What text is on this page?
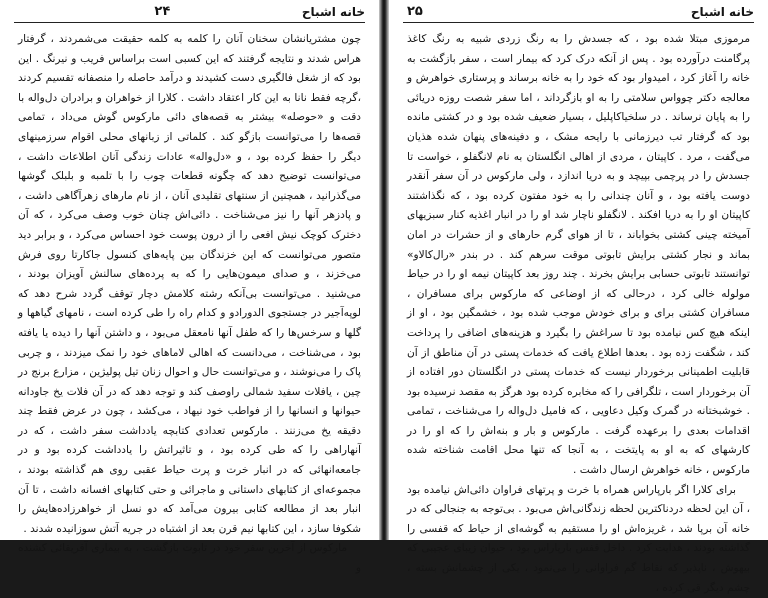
۲۴	خانه اشباح

چون مشتریانشان سخنان آنان را کلمه به کلمه حقیقت می‌شمردند ، گرفتار هراس شدند و نتایجه گرفتند که این کسبی است براساس فریب و نیرنگ . این بود که از شغل فالگیری دست کشیدند و درآمد حاصله را منصفانه تقسیم کردند ،گرچه فقط نانا به این کار اعتقاد داشت . کلارا از خواهران و برادران دل‌واله با دقت و «حوصله» بیشتر به قصه‌های دائی مارکوس گوش می‌داد ، تمامی قصه‌ها را می‌توانست بازگو کند . کلماتی از زبانهای محلی اقوام سرزمینهای دیگر را حفظ کرده بود ، و «دل‌واله» عادات زندگی آنان اطلاعات داشت ، می‌توانست توضیح دهد که چگونه قطعات چوب را با تلمبه و بلبلک گوشها می‌گذرانید ، همچنین از سنتهای تقلیدی آنان ، از نام مارهای زهرآگاهی داشت ، و پادزهر آنها را نیز می‌شناخت . دائی‌اش چنان خوب وصف می‌کرد ، که آن دخترک کوچک نیش افعی را از درون پوست خود احساس می‌کرد ، و برابر دید متصور می‌توانست که این خزندگان بین پایه‌های کنسول جاکارتا روی فرش می‌خزند ، و صدای میمون‌هایی را که به پرده‌های سالنش آویزان بودند ، می‌شنید . می‌توانست بی‌آنکه رشته کلامش دچار توقف گردد شرح دهد که لوپه‌آجیر در جستجوی الدورادو و کدام راه را طی کرده است ، نامهای گیاهها و گلها و سرخس‌ها را که طفل آنها نامعقل می‌بود ، و داشتن آنها را دیده یا یافته بود ، می‌شناخت ، می‌دانست که اهالی لاماهای خود را نمک میزدند ، و چربی پاک را می‌نوشند ، و می‌توانست حال و احوال زنان تیل پولیژین ، مزارع برنج در چین ، یافلات سفید شمالی راوصف کند و توجه دهد که در آن فلات یخ جاودانه حیوانها و انسانها را از فواطب خود نیهاد ، می‌کشد ، چون در عرض فقط چند دقیقه یخ می‌زنند . مارکوس تعدادی کتابچه یادداشت سفر داشت ، که در آنهاراهی را که طی کرده بود ، و تاثیراتش را یادداشت کرده بود و در جامعه‌انهائی که در انبار خرت و پرت حیاط عقبی روی هم گذاشته بودند ، مجموعه‌ای از کتابهای داستانی و ماجرائی و حتی کتابهای افسانه داشت ، تا آن انبار بعد از مطالعه کتابی بیرون می‌آمد که دو نسل از خواهرزاده‌هایش را شکوفا سازد ، این کتابها نیم قرن بعد از اشتباه در جریه آتش سوزانیده شدند .

مارکوس از آخرین سفر خود در تابوت بازگشت ، به بیماری آفریقائی کشنده و

۲۵	خانه اشباح

مرموزی مبتلا شده بود ، که جسدش را به رنگ زردی شبیه به رنگ کاغذ پرگامنت درآورده بود . پس از آنکه درک کرد که بیمار است ، سفر بازگشت به خانه را آغاز کرد ، امیدوار بود که خود را به خانه برساند و پرستاری خواهرش و معالجه دکتر چوواس سلامتی را به او بازگرداند ، اما سفر شصت روزه دریائی را به پایان نرساند . در سلخیاکاپلیل ، بسیار ضعیف شده بود و در کشتی مانده بود که گرفتار تب دیرزمانی با رایحه مشک ، و دفینه‌های پنهان شده هذیان می‌گفت ، مرد . کاپیتان ، مردی از اهالی انگلستان به نام لانگفلو ، خواست تا جسدش را در پرچمی بپیچد و به دریا اندازد ، ولی مارکوس در آن سفر آنقدر دوست یافته بود ، و آنان چندانی را به خود مفتون کرده بود ، که نگذاشتند کاپیتان او را به دریا افکند . لانگفلو ناچار شد او را در انبار اغذیه کنار سبزیهای آمیخته چینی کشتی بخواباند ، تا از هوای گرم حارهای و از حشرات در امان بماند و نجار کشتی برایش تابوتی موقت سرهم کند . در بندر «رال‌کالاو» توانستند تابوتی حسابی برایش بخرند . چند روز بعد کاپیتان نیمه او را در حیاط مولوله خالی کرد ، درحالی که از اوضاعی که مارکوس برای مسافران ، مسافران کشتی برای و برای خودش موجب شده بود ، خشمگین بود ، او از اینکه هیچ کس نیامده بود تا سراغش را بگیرد و هزینه‌های اضافی را پرداخت کند ، شگفت زده بود . بعدها اطلاع یافت که خدمات پستی در آن مناطق از آن قابلیت اطمینانی برخوردار نیست که خدمات پستی در انگلستان دور افتاده از آن برخوردار است ، تلگرافی را که مخابره کرده بود هرگز به مقصد نرسیده بود . خوشبختانه در گمرک وکیل دعاویی ، که فامیل دل‌واله را می‌شناخت ، تمامی اقدامات بعدی را برعهده گرفت . مارکوس و بار و بنه‌اش را که او را در کارشهای که به او به پایتخت ، به آنجا که تنها محل اقامت شناخته شده مارکوس ، خانه خواهرش ارسال داشت .

برای کلارا اگر بارپاراس همراه با خرت و پرتهای فراوان دائی‌اش نیامده بود ، آن این لحظه دردناکترین لحظه زندگانی‌اش می‌بود . بی‌توجه به جنجالی که در خانه آن برپا شد ، غریزه‌اش او را مستقیم به گوشه‌ای از حیاط که قفسی را گذاشته بودند ، هدایت کرد . داخل قفس بارپاراس بود ، حیوان زیبای عجیبی که بیهوش ، ناپذیر که نقاط گم فراوانی را می‌نمود ، یکی از چشمانش بسته ، چشم دیگر قی کرده ،
